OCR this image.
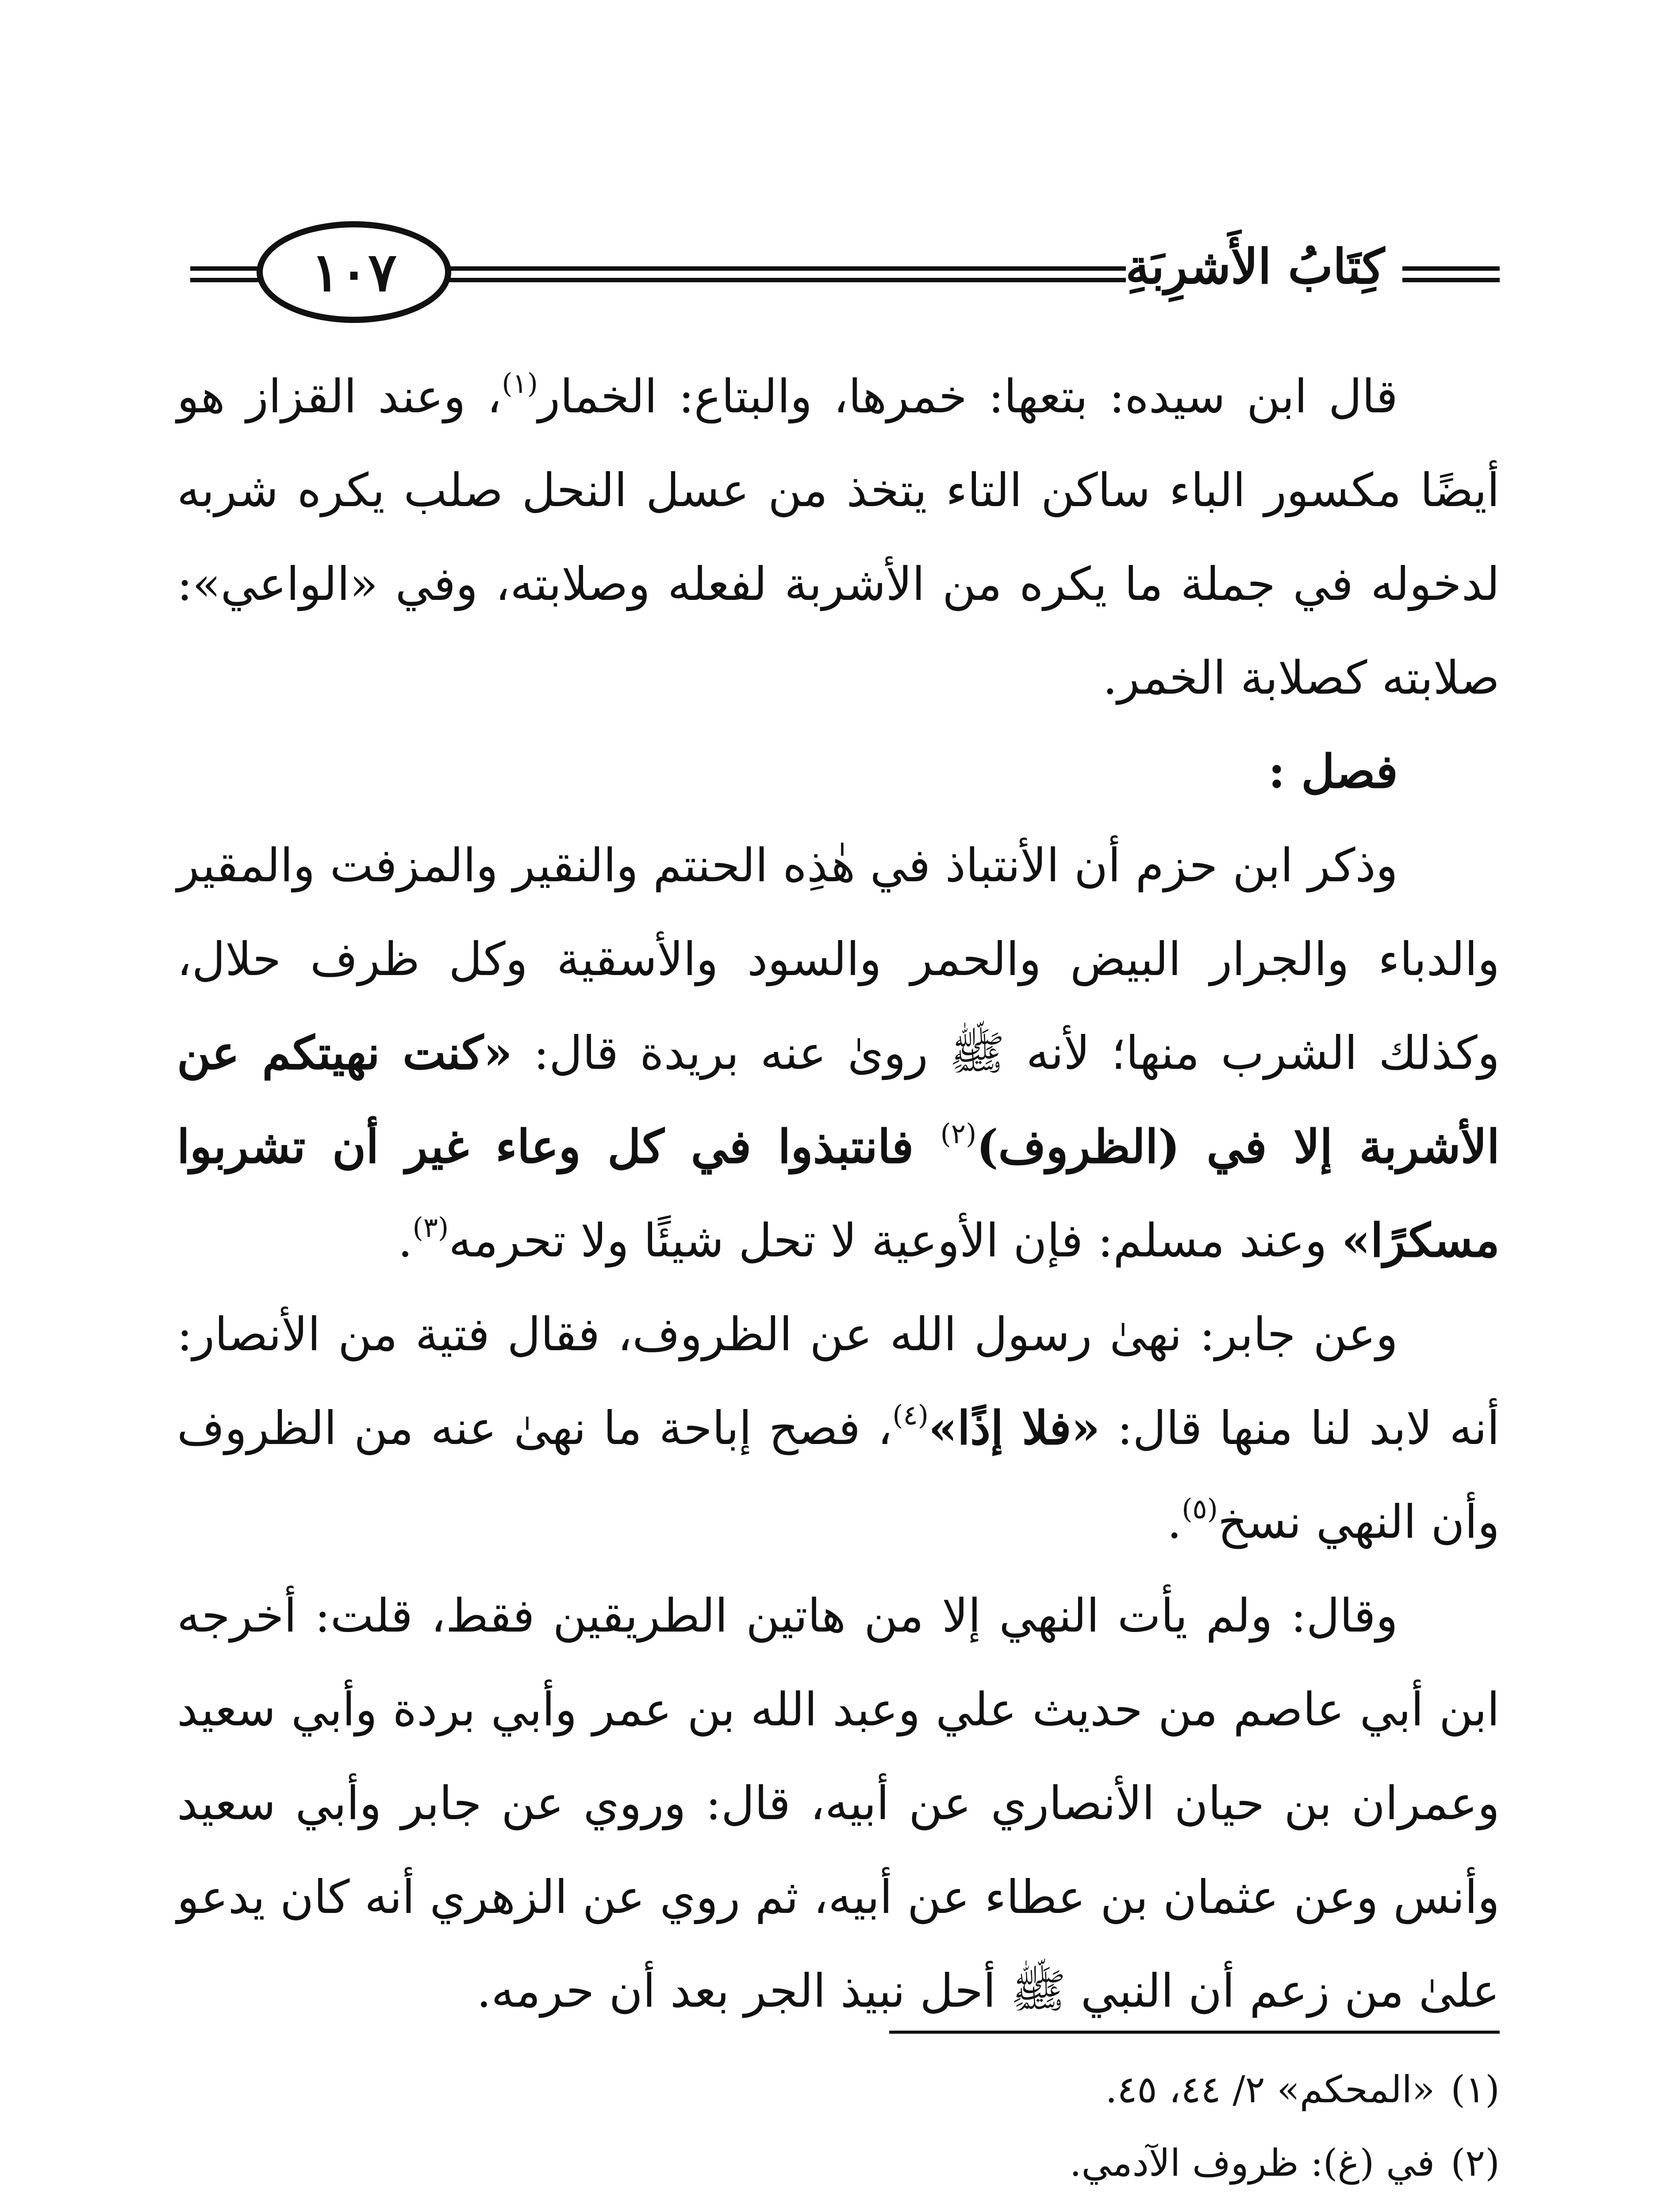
١٠٧	كِتَابُ الأَشرِبَةِ

قال ابن سيده: بتعها: خمرها، والبتاع: الخمار$^{(١)}$، وعند القزاز هو أيضًا مكسور الباء ساكن التاء يتخذ من عسل النحل صلب يكره شربه لدخوله في جملة ما يكره من الأشربة لفعله وصلابته، وفي «الواعي»: صلابته كصلابة الخمر.

فصل :

وذكر ابن حزم أن الأنتباذ في هٰذِه الحنتم والنقير والمزفت والمقير والدباء والجرار البيض والحمر والسود والأسقية وكل ظرف حلال، وكذلك الشرب منها؛ لأنه ﷺ روىٰ عنه بريدة قال: «كنت نهيتكم عن الأشربة إلا في (الظروف)$^{(٢)}$ فانتبذوا في كل وعاء غير أن تشربوا مسكرًا» وعند مسلم: فإن الأوعية لا تحل شيئًا ولا تحرمه$^{(٣)}$.

وعن جابر: نهىٰ رسول الله عن الظروف، فقال فتية من الأنصار: أنه لابد لنا منها قال: «فلا إذًا»$^{(٤)}$، فصح إباحة ما نهىٰ عنه من الظروف وأن النهي نسخ$^{(٥)}$.

وقال: ولم يأت النهي إلا من هاتين الطريقين فقط، قلت: أخرجه ابن أبي عاصم من حديث علي وعبد الله بن عمر وأبي بردة وأبي سعيد وعمران بن حيان الأنصاري عن أبيه، قال: وروي عن جابر وأبي سعيد وأنس وعن عثمان بن عطاء عن أبيه، ثم روي عن الزهري أنه كان يدعو علىٰ من زعم أن النبي ﷺ أحل نبيذ الجر بعد أن حرمه.

(١) «المحكم» ٢/ ٤٤، ٤٥.

(٢) في (غ): ظروف الآدمي.
